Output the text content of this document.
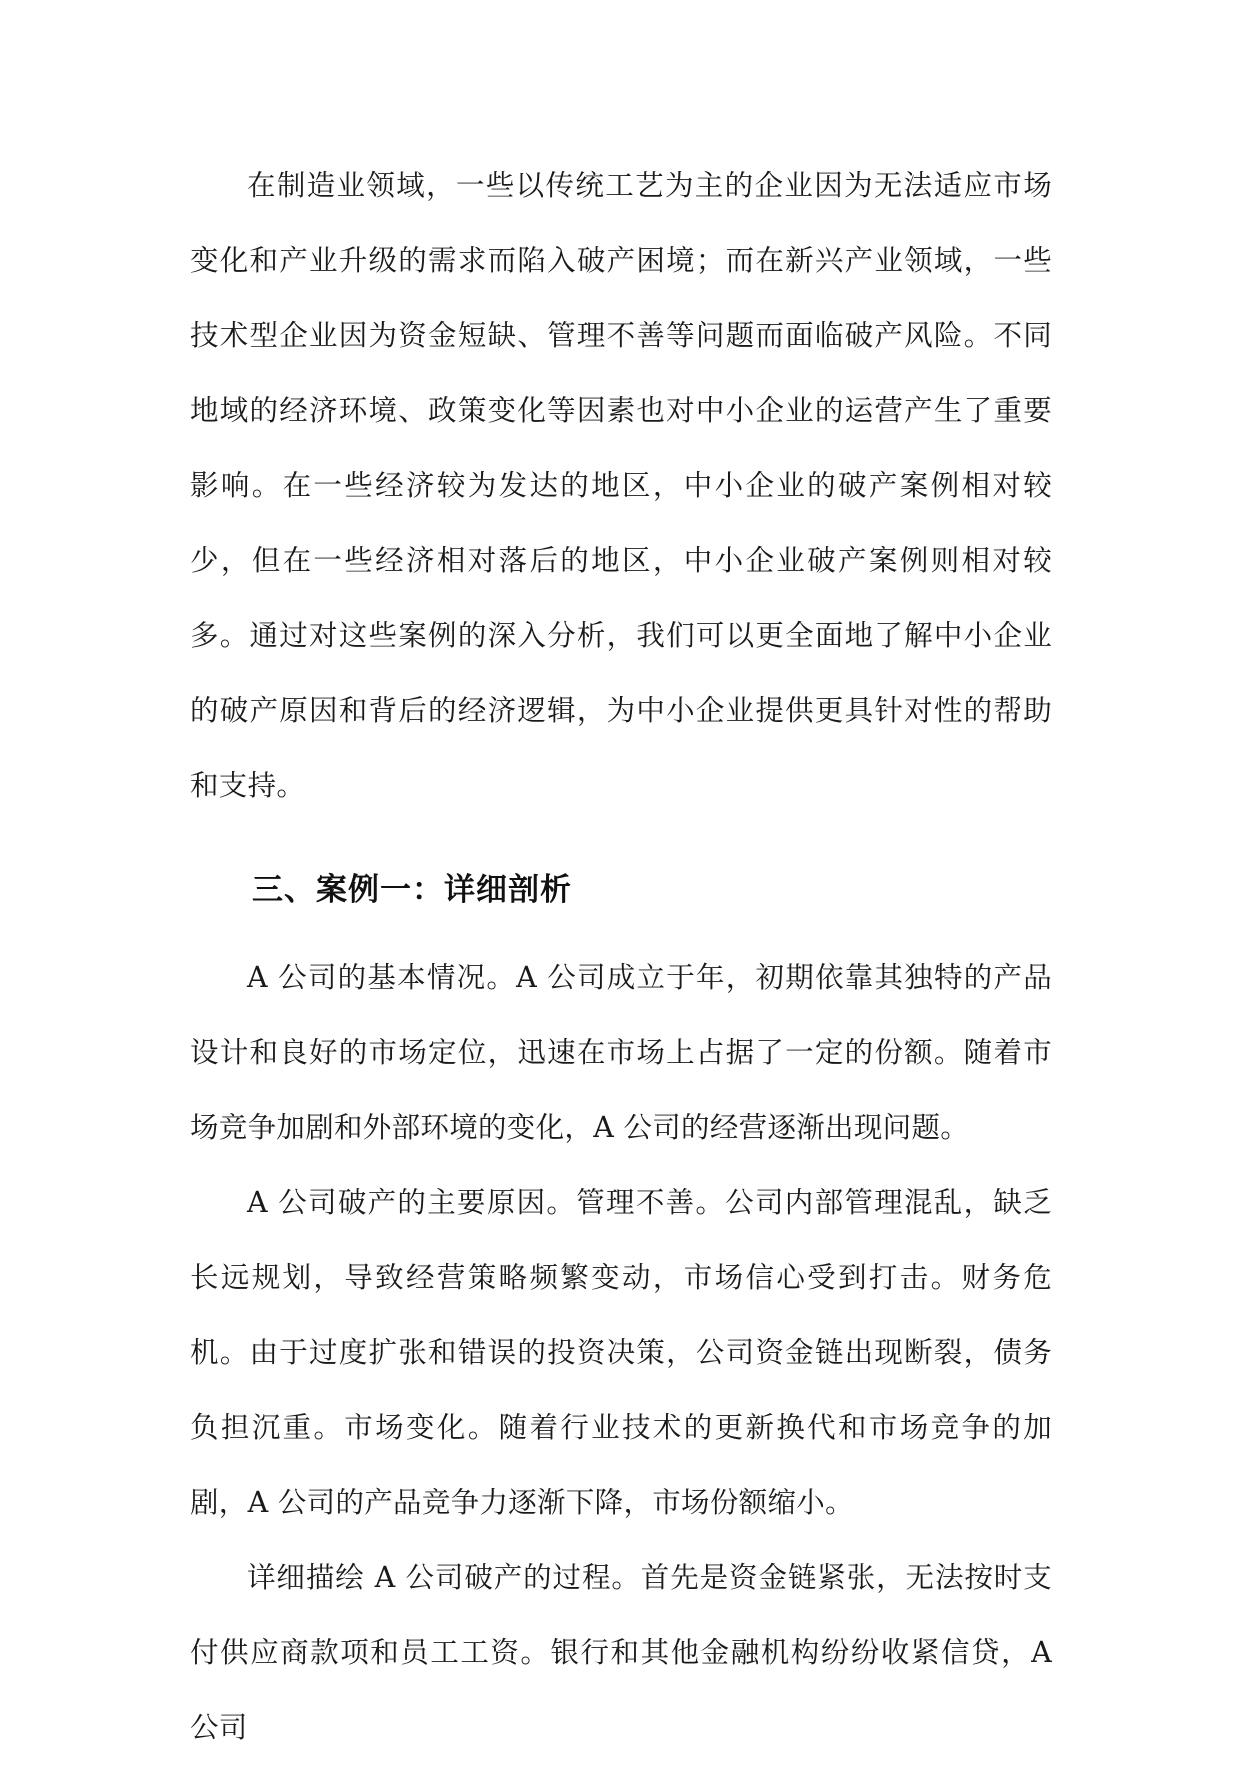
在制造业领域，一些以传统工艺为主的企业因为无法适应市场变化和产业升级的需求而陷入破产困境；而在新兴产业领域，一些技术型企业因为资金短缺、管理不善等问题而面临破产风险。不同地域的经济环境、政策变化等因素也对中小企业的运营产生了重要影响。在一些经济较为发达的地区，中小企业的破产案例相对较少，但在一些经济相对落后的地区，中小企业破产案例则相对较多。通过对这些案例的深入分析，我们可以更全面地了解中小企业的破产原因和背后的经济逻辑，为中小企业提供更具针对性的帮助和支持。

三、案例一：详细剖析

A 公司的基本情况。A 公司成立于年，初期依靠其独特的产品设计和良好的市场定位，迅速在市场上占据了一定的份额。随着市场竞争加剧和外部环境的变化，A 公司的经营逐渐出现问题。

A 公司破产的主要原因。管理不善。公司内部管理混乱，缺乏长远规划，导致经营策略频繁变动，市场信心受到打击。财务危机。由于过度扩张和错误的投资决策，公司资金链出现断裂，债务负担沉重。市场变化。随着行业技术的更新换代和市场竞争的加剧，A 公司的产品竞争力逐渐下降，市场份额缩小。

详细描绘 A 公司破产的过程。首先是资金链紧张，无法按时支付供应商款项和员工工资。银行和其他金融机构纷纷收紧信贷，A 公司
